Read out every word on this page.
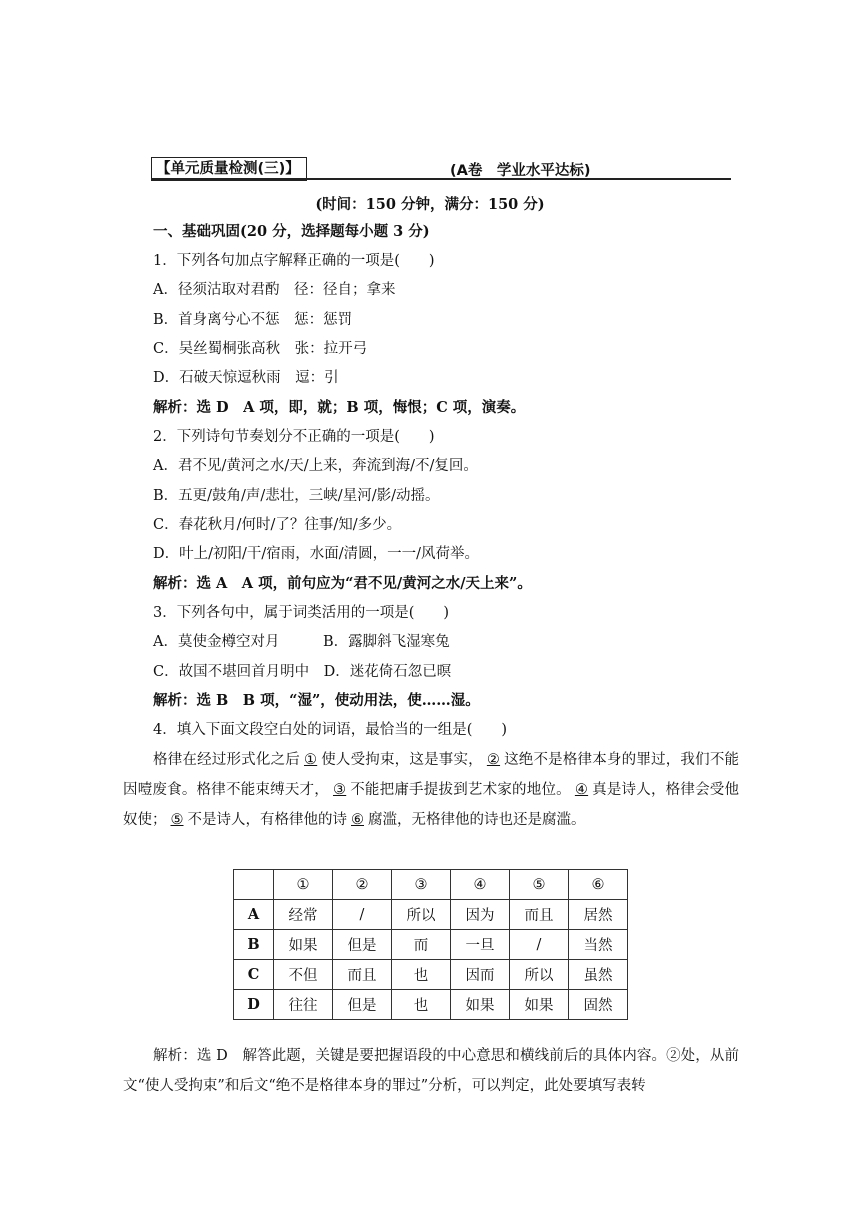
【单元质量检测(三)】	(A卷　学业水平达标)
(时间：150 分钟，满分：150 分)
一、基础巩固(20 分，选择题每小题 3 分)
1．下列各句加点字解释正确的一项是(　　)
A．径须沽取对君酌　径：径自；拿来
B．首身离兮心不惩　惩：惩罚
C．吴丝蜀桐张高秋　张：拉开弓
D．石破天惊逗秋雨　逗：引
解析：选 D　A 项，即，就；B 项，悔恨；C 项，演奏。
2．下列诗句节奏划分不正确的一项是(　　)
A．君不见/黄河之水/天/上来，奔流到海/不/复回。
B．五更/鼓角/声/悲壮，三峡/星河/影/动摇。
C．春花秋月/何时/了？往事/知/多少。
D．叶上/初阳/干/宿雨，水面/清圆，一一/风荷举。
解析：选 A　A 项，前句应为“君不见/黄河之水/天上来”。
3．下列各句中，属于词类活用的一项是(　　)
A．莫使金樽空对月　　　B．露脚斜飞湿寒兔
C．故国不堪回首月明中　D．迷花倚石忽已暝
解析：选 B　B 项，“湿”，使动用法，使……湿。
4．填入下面文段空白处的词语，最恰当的一组是(　　)
格律在经过形式化之后 ① 使人受拘束，这是事实， ② 这绝不是格律本身的罪过，我们不能因噎废食。格律不能束缚天才， ③ 不能把庸手提拔到艺术家的地位。 ④ 真是诗人，格律会受他奴使； ⑤ 不是诗人，有格律他的诗 ⑥ 腐滥，无格律他的诗也还是腐滥。
	①	②	③	④	⑤	⑥
A	经常	/	所以	因为	而且	居然
B	如果	但是	而	一旦	/	当然
C	不但	而且	也	因而	所以	虽然
D	往往	但是	也	如果	如果	固然
解析：选 D　解答此题，关键是要把握语段的中心意思和横线前后的具体内容。②处，从前文“使人受拘束”和后文“绝不是格律本身的罪过”分析，可以判定，此处要填写表转
